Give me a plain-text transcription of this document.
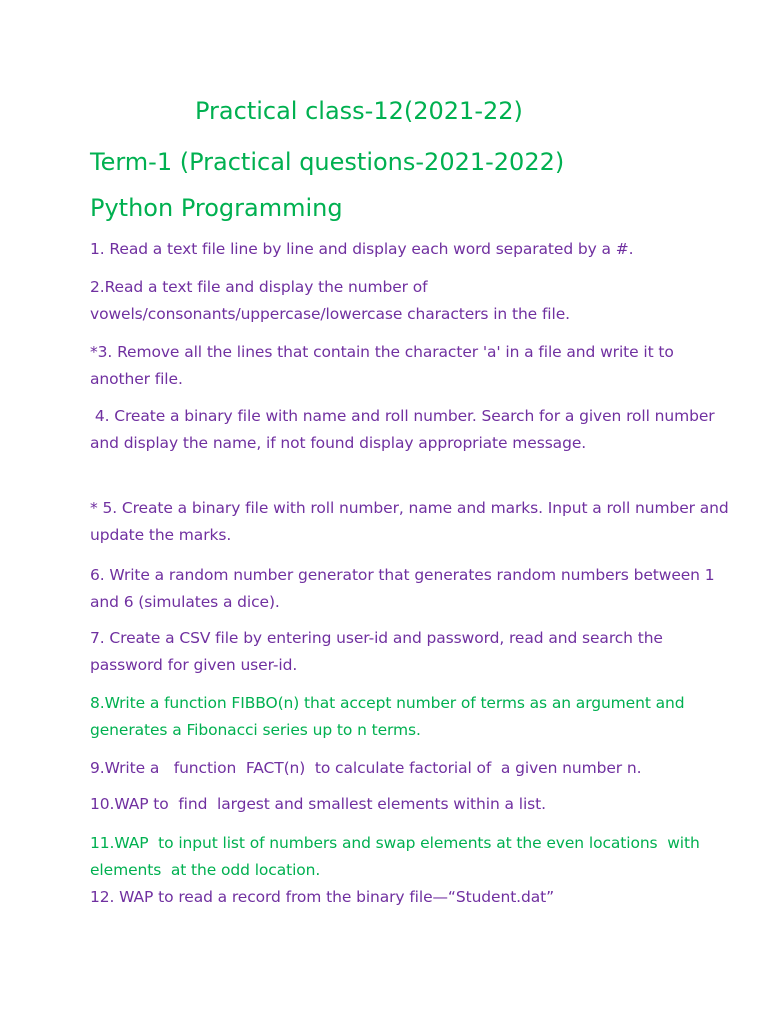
Practical class-12(2021-22)
Term-1 (Practical questions-2021-2022)
Python Programming

1. Read a text file line by line and display each word separated by a #.

2.Read a text file and display the number of vowels/consonants/uppercase/lowercase characters in the file.

*3. Remove all the lines that contain the character 'a' in a file and write it to another file.

4. Create a binary file with name and roll number. Search for a given roll number and display the name, if not found display appropriate message.

* 5. Create a binary file with roll number, name and marks. Input a roll number and update the marks.

6. Write a random number generator that generates random numbers between 1 and 6 (simulates a dice).

7. Create a CSV file by entering user-id and password, read and search the password for given user-id.

8.Write a function FIBBO(n) that accept number of terms as an argument and generates a Fibonacci series up to n terms.

9.Write a   function  FACT(n)  to calculate factorial of  a given number n.

10.WAP to  find  largest and smallest elements within a list.

11.WAP  to input list of numbers and swap elements at the even locations  with elements  at the odd location.

12. WAP to read a record from the binary file—“Student.dat”
